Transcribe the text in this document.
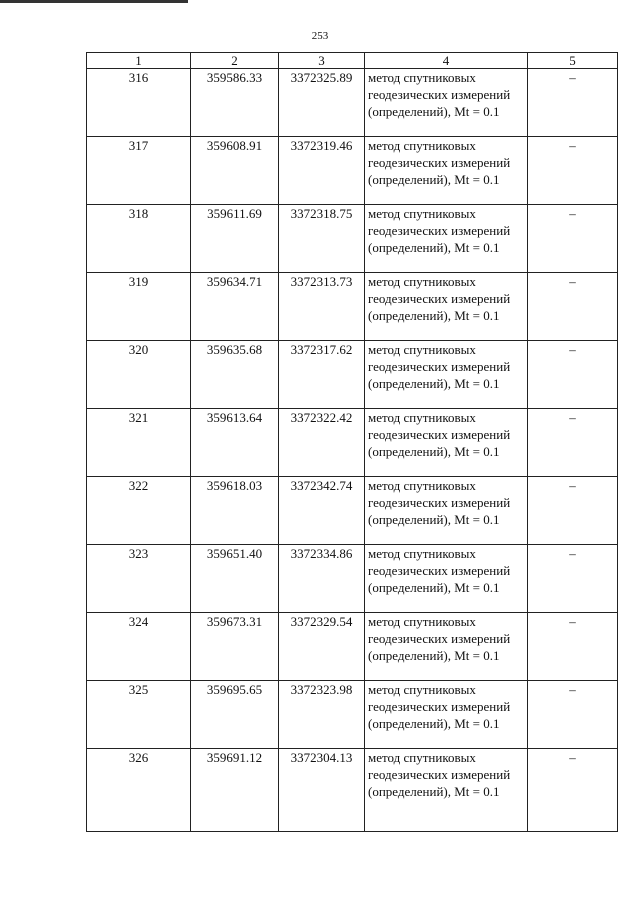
253
1	2	3	4	5
316	359586.33	3372325.89	метод спутниковых геодезических измерений (определений), Mt = 0.1	–
317	359608.91	3372319.46	метод спутниковых геодезических измерений (определений), Mt = 0.1	–
318	359611.69	3372318.75	метод спутниковых геодезических измерений (определений), Mt = 0.1	–
319	359634.71	3372313.73	метод спутниковых геодезических измерений (определений), Mt = 0.1	–
320	359635.68	3372317.62	метод спутниковых геодезических измерений (определений), Mt = 0.1	–
321	359613.64	3372322.42	метод спутниковых геодезических измерений (определений), Mt = 0.1	–
322	359618.03	3372342.74	метод спутниковых геодезических измерений (определений), Mt = 0.1	–
323	359651.40	3372334.86	метод спутниковых геодезических измерений (определений), Mt = 0.1	–
324	359673.31	3372329.54	метод спутниковых геодезических измерений (определений), Mt = 0.1	–
325	359695.65	3372323.98	метод спутниковых геодезических измерений (определений), Mt = 0.1	–
326	359691.12	3372304.13	метод спутниковых геодезических измерений (определений), Mt = 0.1	–
